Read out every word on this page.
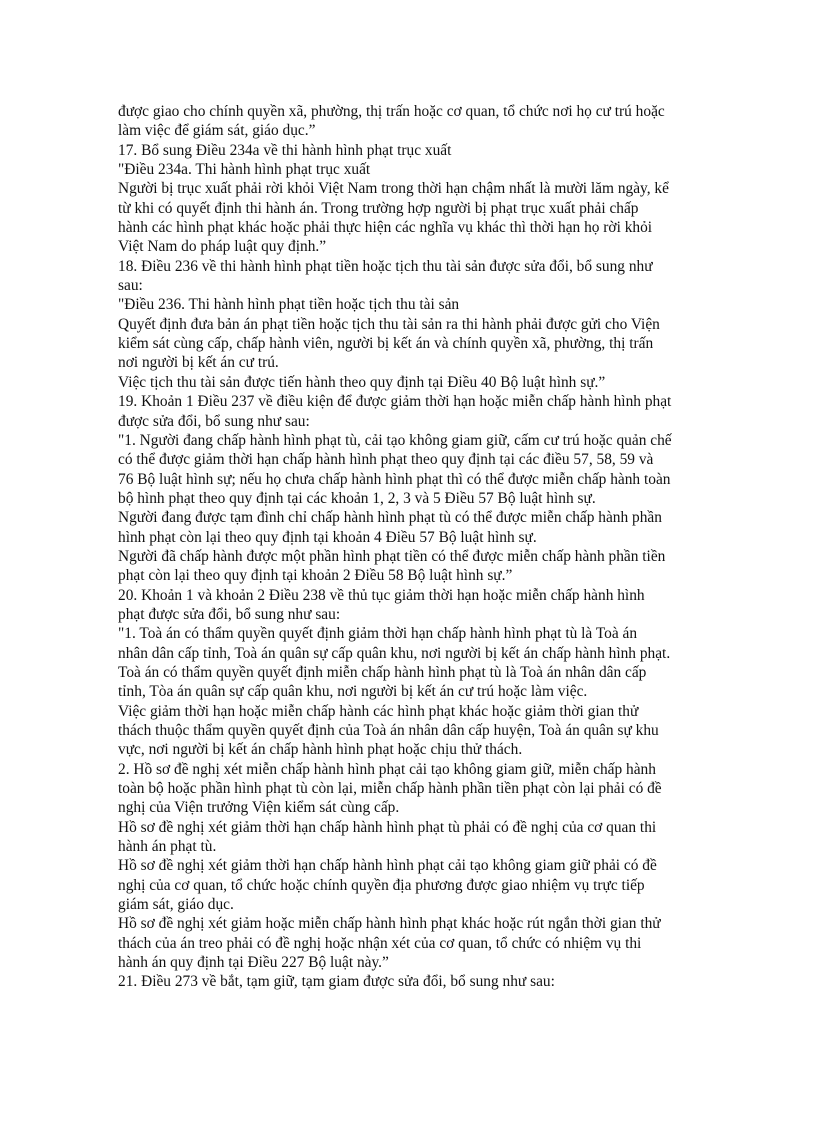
được giao cho chính quyền xã, phường, thị trấn hoặc cơ quan, tổ chức nơi họ cư trú hoặc
làm việc để giám sát, giáo dục.”
17. Bổ sung Điều 234a về thi hành hình phạt trục xuất
"Điều 234a. Thi hành hình phạt trục xuất
Người bị trục xuất phải rời khỏi Việt Nam trong thời hạn chậm nhất là mười lăm ngày, kể
từ khi có quyết định thi hành án. Trong trường hợp người bị phạt trục xuất phải chấp
hành các hình phạt khác hoặc phải thực hiện các nghĩa vụ khác thì thời hạn họ rời khỏi
Việt Nam do pháp luật quy định.”
18. Điều 236 về thi hành hình phạt tiền hoặc tịch thu tài sản được sửa đổi, bổ sung như
sau:
"Điều 236. Thi hành hình phạt tiền hoặc tịch thu tài sản
Quyết định đưa bản án phạt tiền hoặc tịch thu tài sản ra thi hành phải được gửi cho Viện
kiểm sát cùng cấp, chấp hành viên, người bị kết án và chính quyền xã, phường, thị trấn
nơi người bị kết án cư trú.
Việc tịch thu tài sản được tiến hành theo quy định tại Điều 40 Bộ luật hình sự.”
19. Khoản 1 Điều 237 về điều kiện để được giảm thời hạn hoặc miễn chấp hành hình phạt
được sửa đổi, bổ sung như sau:
"1. Người đang chấp hành hình phạt tù, cải tạo không giam giữ, cấm cư trú hoặc quản chế
có thể được giảm thời hạn chấp hành hình phạt theo quy định tại các điều 57, 58, 59 và
76 Bộ luật hình sự; nếu họ chưa chấp hành hình phạt thì có thể được miễn chấp hành toàn
bộ hình phạt theo quy định tại các khoản 1, 2, 3 và 5 Điều 57 Bộ luật hình sự.
Người đang được tạm đình chỉ chấp hành hình phạt tù có thể được miễn chấp hành phần
hình phạt còn lại theo quy định tại khoản 4 Điều 57 Bộ luật hình sự.
Người đã chấp hành được một phần hình phạt tiền có thể được miễn chấp hành phần tiền
phạt còn lại theo quy định tại khoản 2 Điều 58 Bộ luật hình sự.”
20. Khoản 1 và khoản 2 Điều 238 về thủ tục giảm thời hạn hoặc miễn chấp hành hình
phạt được sửa đổi, bổ sung như sau:
"1. Toà án có thẩm quyền quyết định giảm thời hạn chấp hành hình phạt tù là Toà án
nhân dân cấp tỉnh, Toà án quân sự cấp quân khu, nơi người bị kết án chấp hành hình phạt.
Toà án có thẩm quyền quyết định miễn chấp hành hình phạt tù là Toà án nhân dân cấp
tỉnh, Tòa án quân sự cấp quân khu, nơi người bị kết án cư trú hoặc làm việc.
Việc giảm thời hạn hoặc miễn chấp hành các hình phạt khác hoặc giảm thời gian thử
thách thuộc thẩm quyền quyết định của Toà án nhân dân cấp huyện, Toà án quân sự khu
vực, nơi người bị kết án chấp hành hình phạt hoặc chịu thử thách.
2. Hồ sơ đề nghị xét miễn chấp hành hình phạt cải tạo không giam giữ, miễn chấp hành
toàn bộ hoặc phần hình phạt tù còn lại, miễn chấp hành phần tiền phạt còn lại phải có đề
nghị của Viện trưởng Viện kiểm sát cùng cấp.
Hồ sơ đề nghị xét giảm thời hạn chấp hành hình phạt tù phải có đề nghị của cơ quan thi
hành án phạt tù.
Hồ sơ đề nghị xét giảm thời hạn chấp hành hình phạt cải tạo không giam giữ phải có đề
nghị của cơ quan, tổ chức hoặc chính quyền địa phương được giao nhiệm vụ trực tiếp
giám sát, giáo dục.
Hồ sơ đề nghị xét giảm hoặc miễn chấp hành hình phạt khác hoặc rút ngắn thời gian thử
thách của án treo phải có đề nghị hoặc nhận xét của cơ quan, tổ chức có nhiệm vụ thi
hành án quy định tại Điều 227 Bộ luật này.”
21. Điều 273 về bắt, tạm giữ, tạm giam được sửa đổi, bổ sung như sau:
